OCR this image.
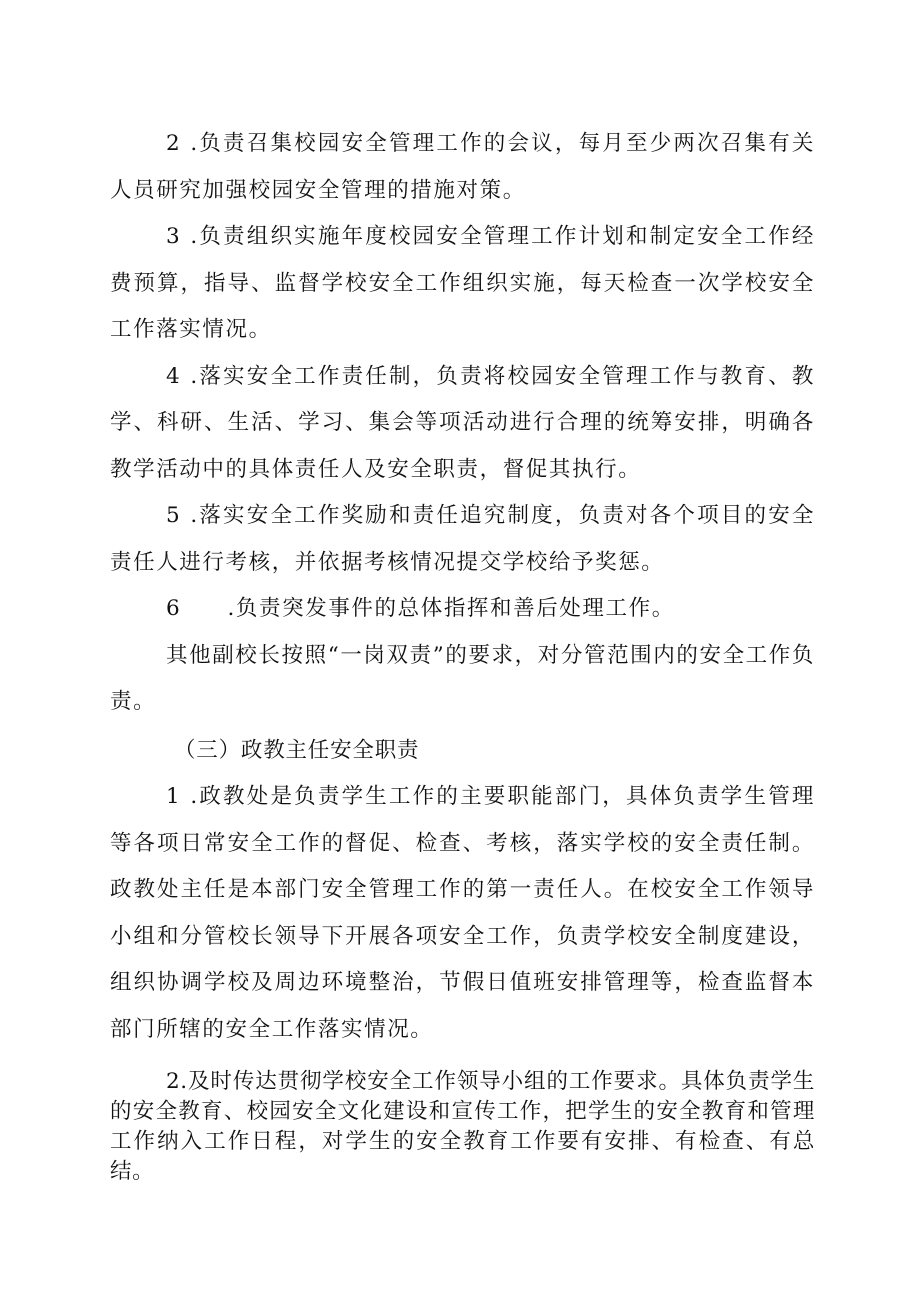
2 .负责召集校园安全管理工作的会议，每月至少两次召集有关人员研究加强校园安全管理的措施对策。

3 .负责组织实施年度校园安全管理工作计划和制定安全工作经费预算，指导、监督学校安全工作组织实施，每天检查一次学校安全工作落实情况。

4 .落实安全工作责任制，负责将校园安全管理工作与教育、教学、科研、生活、学习、集会等项活动进行合理的统筹安排，明确各教学活动中的具体责任人及安全职责，督促其执行。

5 .落实安全工作奖励和责任追究制度，负责对各个项目的安全责任人进行考核，并依据考核情况提交学校给予奖惩。

6　　.负责突发事件的总体指挥和善后处理工作。

其他副校长按照“一岗双责”的要求，对分管范围内的安全工作负责。

（三）政教主任安全职责

1 .政教处是负责学生工作的主要职能部门，具体负责学生管理等各项日常安全工作的督促、检查、考核，落实学校的安全责任制。政教处主任是本部门安全管理工作的第一责任人。在校安全工作领导小组和分管校长领导下开展各项安全工作，负责学校安全制度建设，组织协调学校及周边环境整治，节假日值班安排管理等，检查监督本部门所辖的安全工作落实情况。

2.及时传达贯彻学校安全工作领导小组的工作要求。具体负责学生的安全教育、校园安全文化建设和宣传工作，把学生的安全教育和管理工作纳入工作日程，对学生的安全教育工作要有安排、有检查、有总结。
